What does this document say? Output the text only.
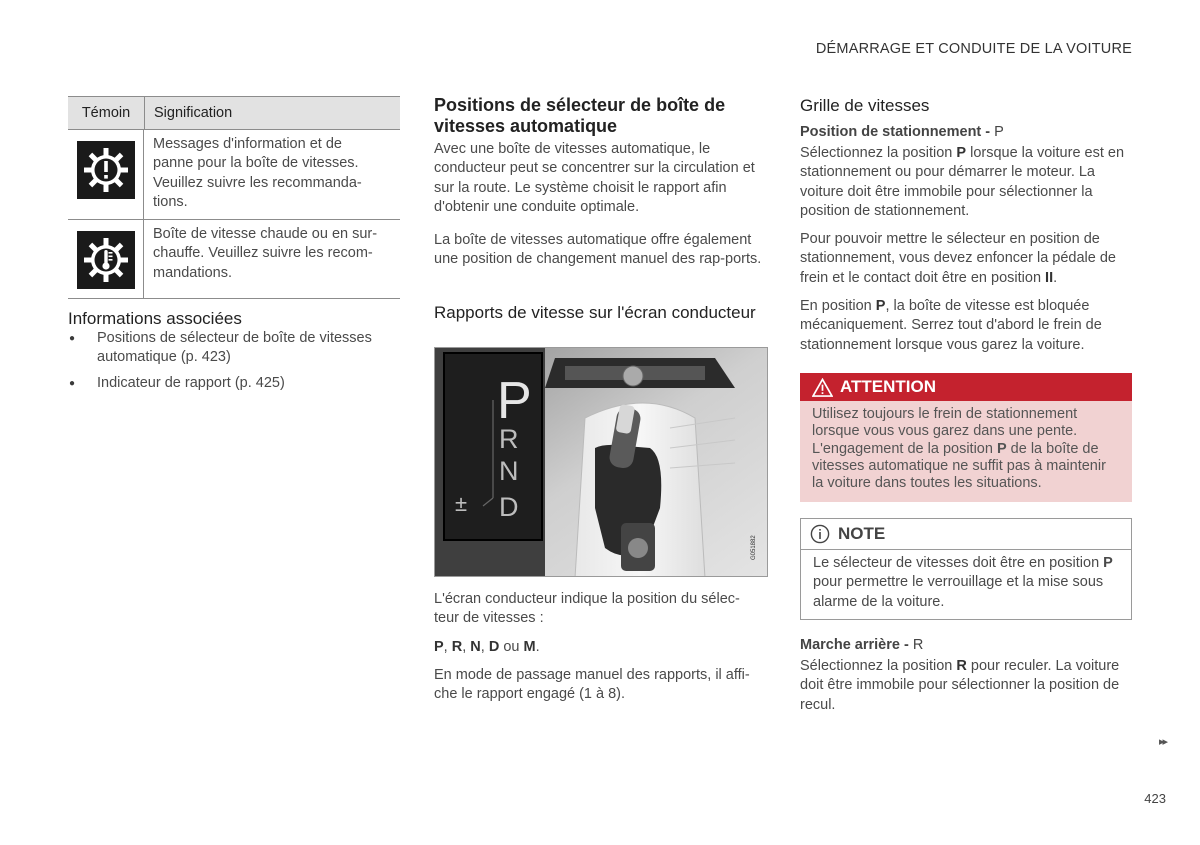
DÉMARRAGE ET CONDUITE DE LA VOITURE
Témoin	Signification
Messages d'information et de panne pour la boîte de vitesses. Veuillez suivre les recommanda-tions.
Boîte de vitesse chaude ou en sur-chauffe. Veuillez suivre les recom-mandations.
Informations associées
● Positions de sélecteur de boîte de vitesses automatique (p. 423)
● Indicateur de rapport (p. 425)
Positions de sélecteur de boîte de vitesses automatique
Avec une boîte de vitesses automatique, le conducteur peut se concentrer sur la circulation et sur la route. Le système choisit le rapport afin d'obtenir une conduite optimale.
La boîte de vitesses automatique offre également une position de changement manuel des rap-ports.
Rapports de vitesse sur l'écran conducteur
P
R
N
D
±
G051882
L'écran conducteur indique la position du sélec-teur de vitesses :
P, R, N, D ou M.
En mode de passage manuel des rapports, il affi-che le rapport engagé (1 à 8).
Grille de vitesses
Position de stationnement - P
Sélectionnez la position P lorsque la voiture est en stationnement ou pour démarrer le moteur. La voiture doit être immobile pour sélectionner la position de stationnement.
Pour pouvoir mettre le sélecteur en position de stationnement, vous devez enfoncer la pédale de frein et le contact doit être en position II.
En position P, la boîte de vitesse est bloquée mécaniquement. Serrez tout d'abord le frein de stationnement lorsque vous garez la voiture.
ATTENTION
Utilisez toujours le frein de stationnement lorsque vous vous garez dans une pente. L'engagement de la position P de la boîte de vitesses automatique ne suffit pas à maintenir la voiture dans toutes les situations.
NOTE
Le sélecteur de vitesses doit être en position P pour permettre le verrouillage et la mise sous alarme de la voiture.
Marche arrière - R
Sélectionnez la position R pour reculer. La voiture doit être immobile pour sélectionner la position de recul.
▸▸
423
